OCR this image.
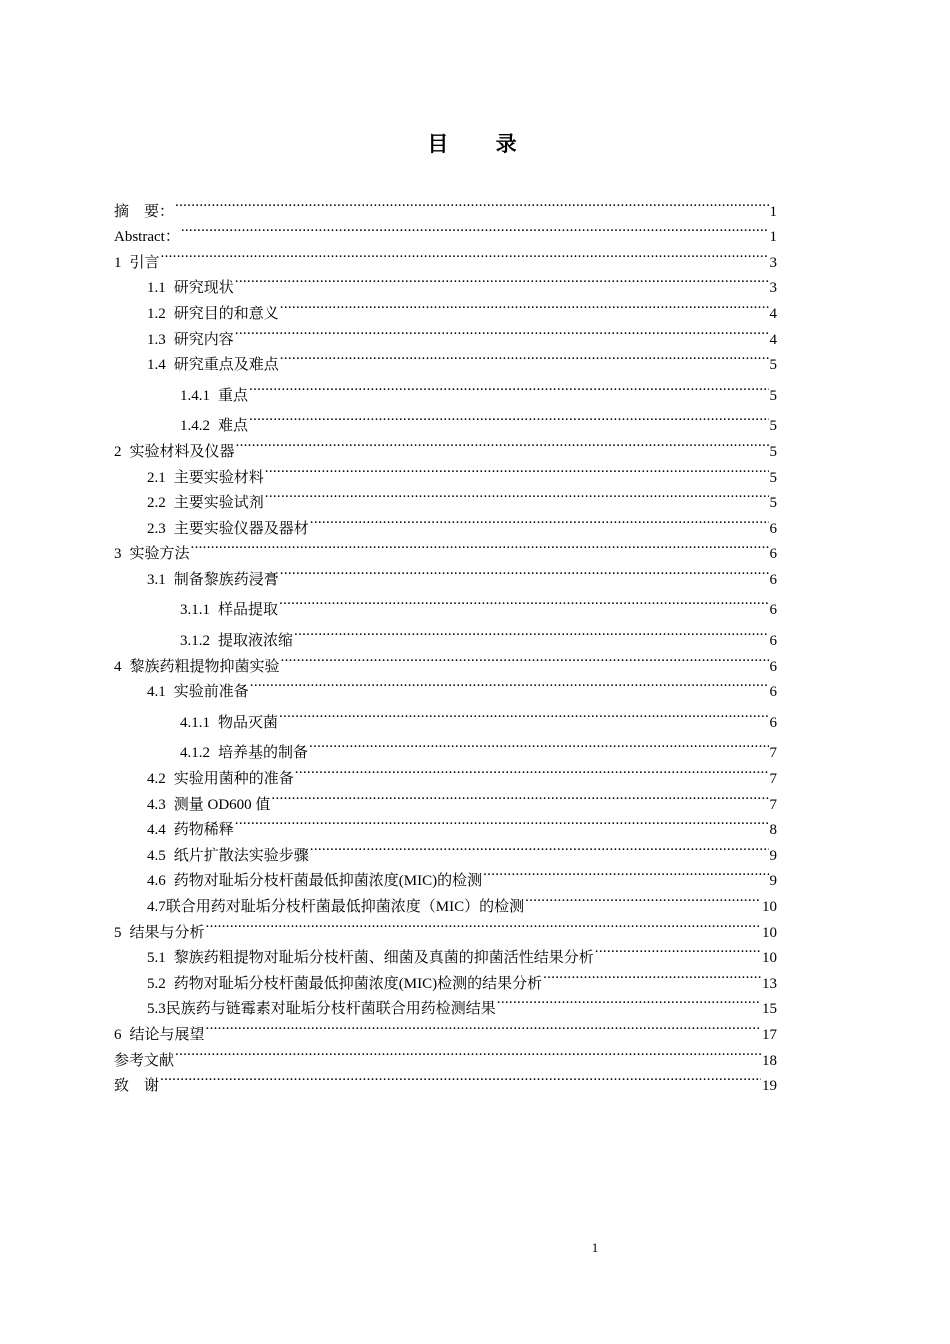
目 录
摘　要： .....	1
Abstract： .....	1
1 引言 .....	3
1.1 研究现状 .....	3
1.2 研究目的和意义 .....	4
1.3 研究内容 .....	4
1.4 研究重点及难点 .....	5
1.4.1 重点 .....	5
1.4.2 难点 .....	5
2 实验材料及仪器 .....	5
2.1 主要实验材料 .....	5
2.2 主要实验试剂 .....	5
2.3 主要实验仪器及器材 .....	6
3 实验方法 .....	6
3.1 制备黎族药浸膏 .....	6
3.1.1 样品提取 .....	6
3.1.2 提取液浓缩 .....	6
4 黎族药粗提物抑菌实验 .....	6
4.1 实验前准备 .....	6
4.1.1 物品灭菌 .....	6
4.1.2 培养基的制备 .....	7
4.2 实验用菌种的准备 .....	7
4.3 测量 OD600 值 .....	7
4.4 药物稀释 .....	8
4.5 纸片扩散法实验步骤 .....	9
4.6 药物对耻垢分枝杆菌最低抑菌浓度(MIC)的检测 .....	9
4.7联合用药对耻垢分枝杆菌最低抑菌浓度（MIC）的检测 .....	10
5 结果与分析 .....	10
5.1 黎族药粗提物对耻垢分枝杆菌、细菌及真菌的抑菌活性结果分析 .....	10
5.2 药物对耻垢分枝杆菌最低抑菌浓度(MIC)检测的结果分析 .....	13
5.3民族药与链霉素对耻垢分枝杆菌联合用药检测结果 .....	15
6 结论与展望 .....	17
参考文献 .....	18
致　谢 .....	19
1
